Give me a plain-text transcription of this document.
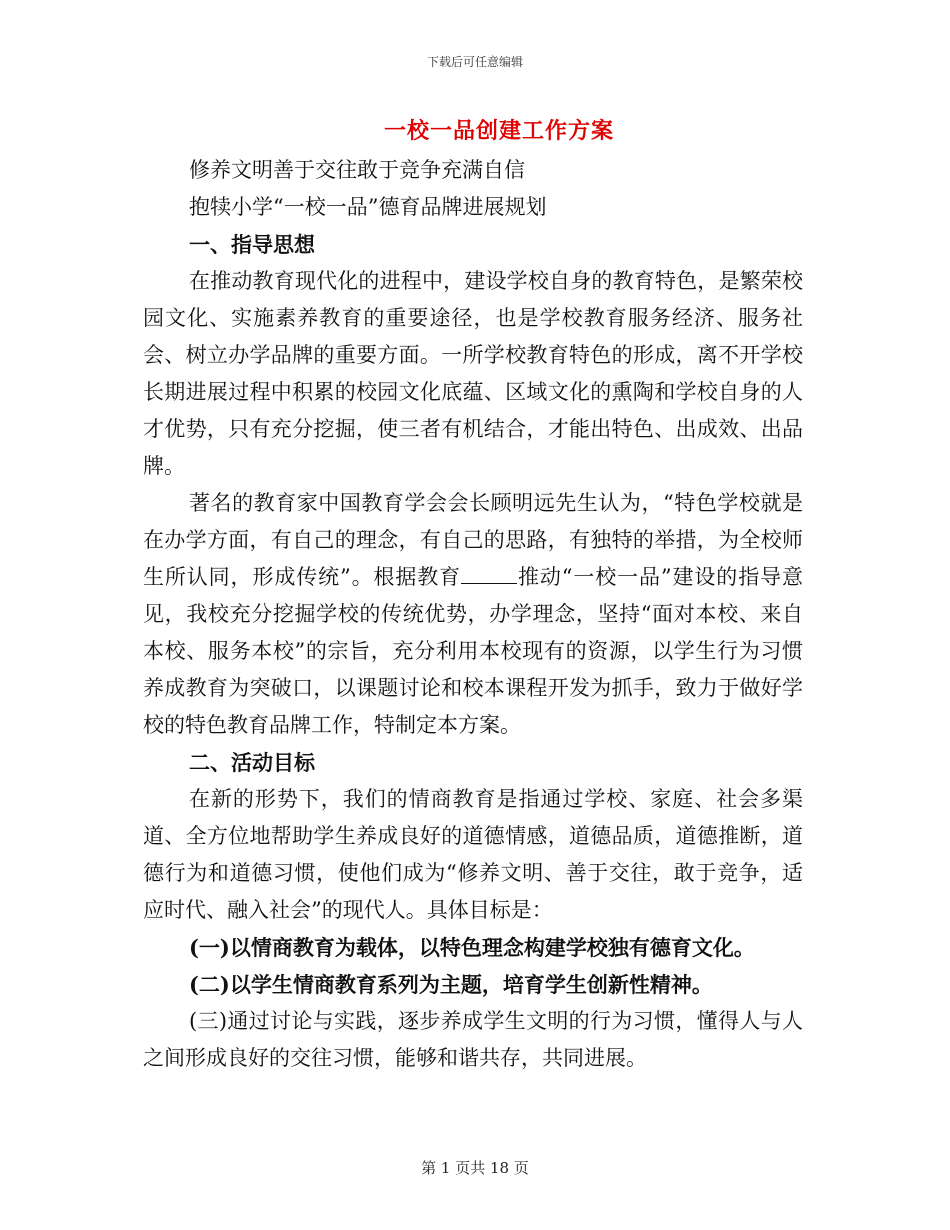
下载后可任意编辑
一校一品创建工作方案

修养文明善于交往敢于竞争充满自信

抱犊小学“一校一品”德育品牌进展规划

一、指导思想

在推动教育现代化的进程中，建设学校自身的教育特色，是繁荣校园文化、实施素养教育的重要途径，也是学校教育服务经济、服务社会、树立办学品牌的重要方面。一所学校教育特色的形成，离不开学校长期进展过程中积累的校园文化底蕴、区域文化的熏陶和学校自身的人才优势，只有充分挖掘，使三者有机结合，才能出特色、出成效、出品牌。

著名的教育家中国教育学会会长顾明远先生认为，“特色学校就是在办学方面，有自己的理念，有自己的思路，有独特的举措，为全校师生所认同，形成传统”。根据教育	推动“一校一品”建设的指导意见，我校充分挖掘学校的传统优势，办学理念，坚持“面对本校、来自本校、服务本校”的宗旨，充分利用本校现有的资源，以学生行为习惯养成教育为突破口，以课题讨论和校本课程开发为抓手，致力于做好学校的特色教育品牌工作，特制定本方案。

二、活动目标

在新的形势下，我们的情商教育是指通过学校、家庭、社会多渠道、全方位地帮助学生养成良好的道德情感，道德品质，道德推断，道德行为和道德习惯，使他们成为“修养文明、善于交往，敢于竞争，适应时代、融入社会”的现代人。具体目标是：

(一)以情商教育为载体，以特色理念构建学校独有德育文化。

(二)以学生情商教育系列为主题，培育学生创新性精神。

(三)通过讨论与实践，逐步养成学生文明的行为习惯，懂得人与人之间形成良好的交往习惯，能够和谐共存，共同进展。

第 1 页共 18 页
